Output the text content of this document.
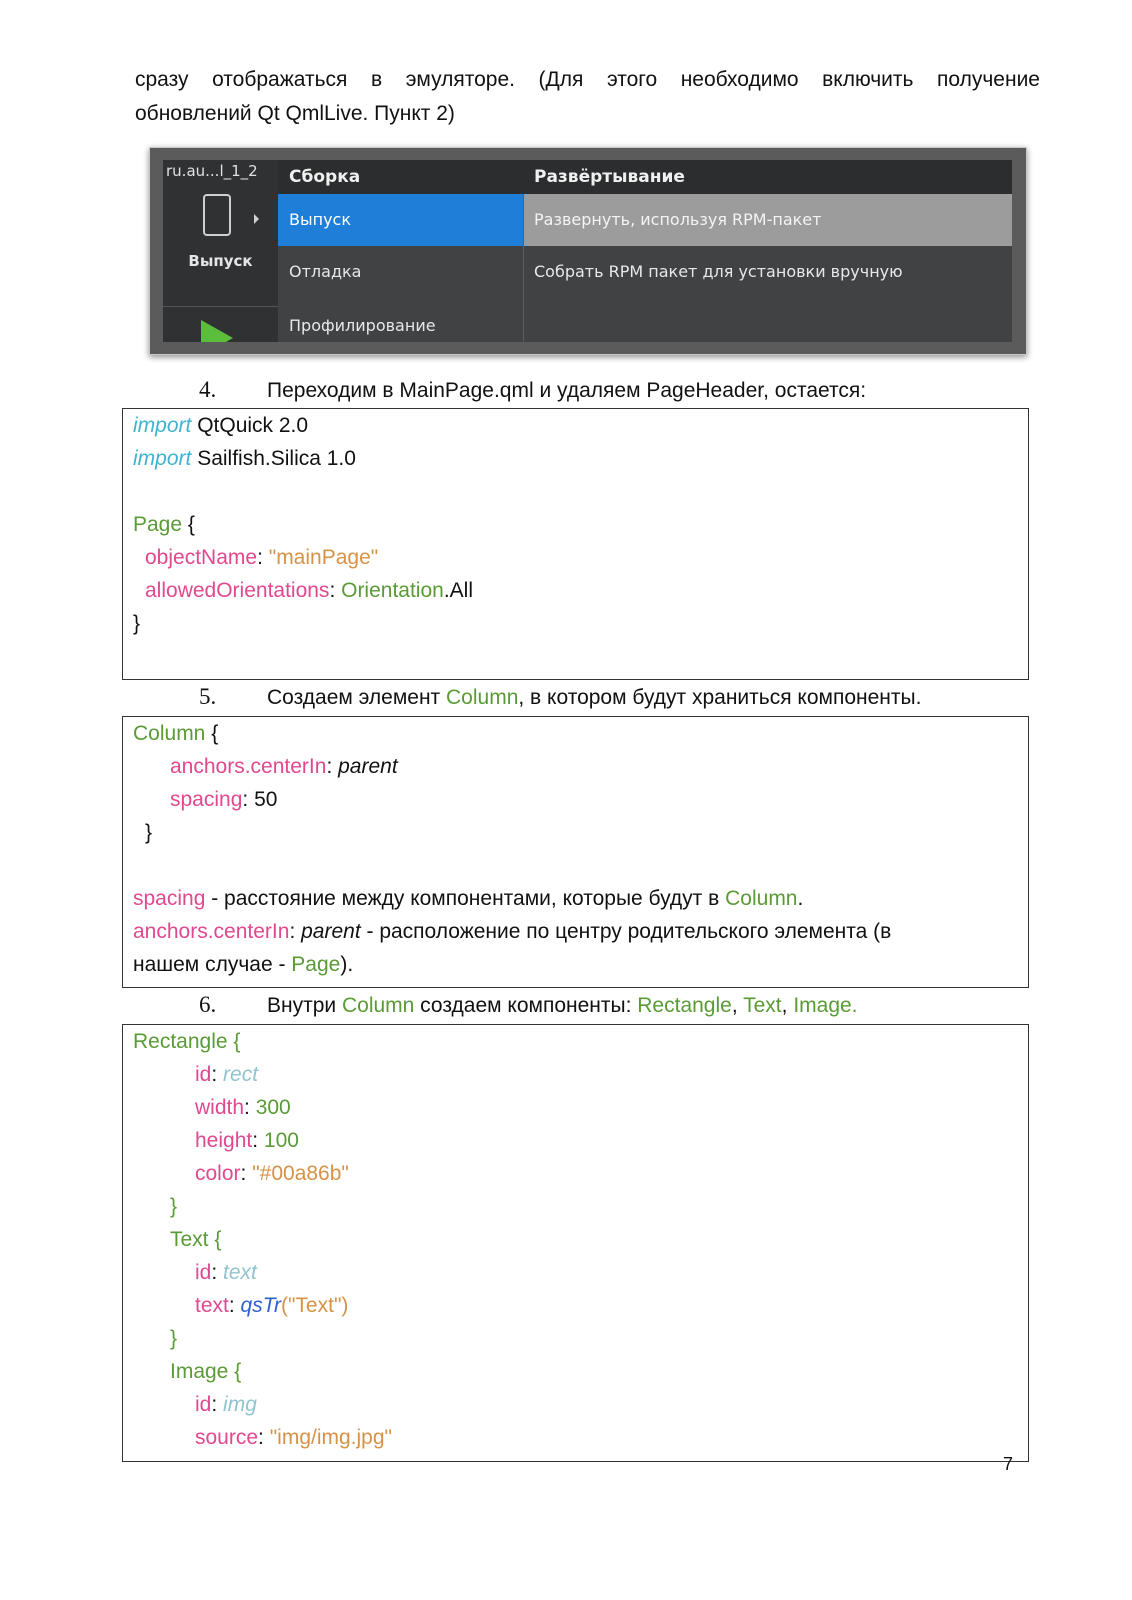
сразу отображаться в эмуляторе. (Для этого необходимо включить получение
обновлений Qt QmlLive. Пункт 2)
ru.au...l_1_2
Выпуск
Сборка	Развёртывание
Выпуск
Отладка
Профилирование
Развернуть, используя RPM-пакет
Собрать RPM пакет для установки вручную
4. Переходим в MainPage.qml и удаляем PageHeader, остается:
import QtQuick 2.0
import Sailfish.Silica 1.0
Page {
objectName: "mainPage"
allowedOrientations: Orientation.All
}
5. Создаем элемент Column, в котором будут храниться компоненты.
Column {
anchors.centerIn: parent
spacing: 50
}
spacing - расстояние между компонентами, которые будут в Column.
anchors.centerIn: parent - расположение по центру родительского элемента (в
нашем случае - Page).
6. Внутри Column создаем компоненты: Rectangle, Text, Image.
Rectangle {
id: rect
width: 300
height: 100
color: "#00a86b"
}
Text {
id: text
text: qsTr("Text")
}
Image {
id: img
source: "img/img.jpg"
7
